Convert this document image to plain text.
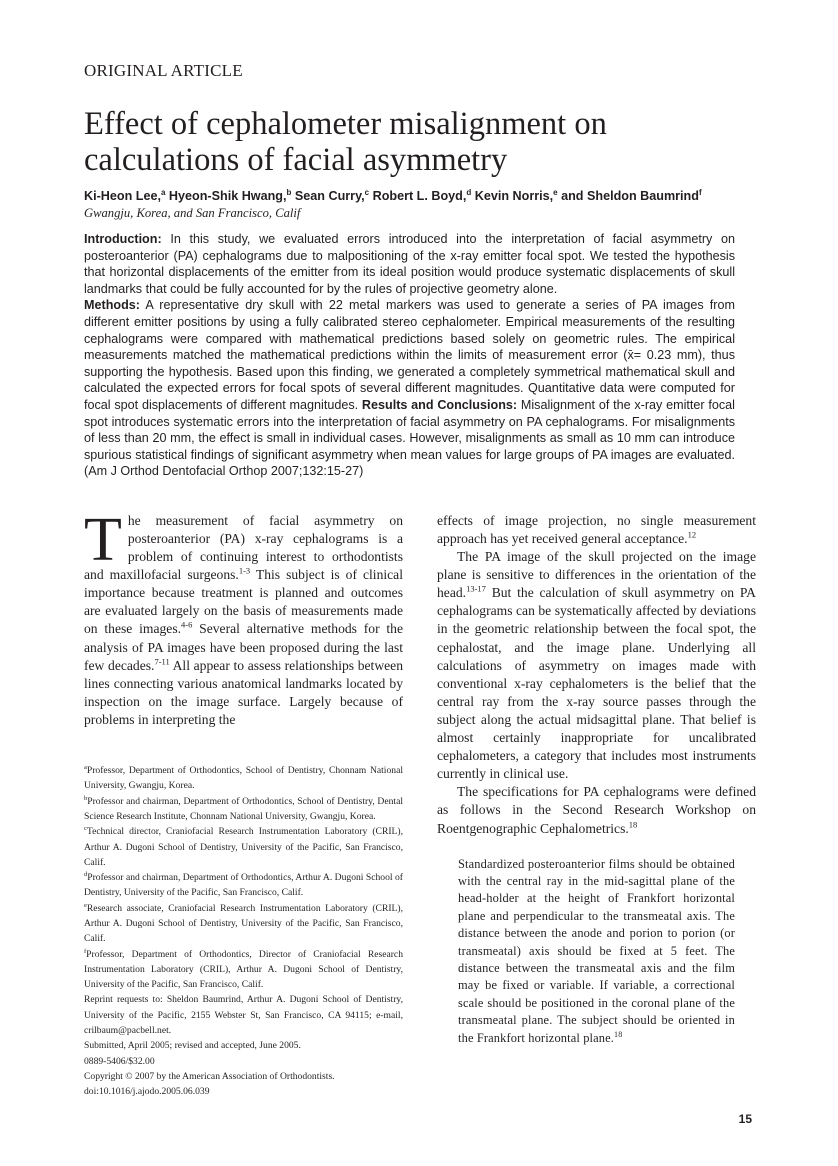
ORIGINAL ARTICLE
Effect of cephalometer misalignment on calculations of facial asymmetry
Ki-Heon Lee,$^a$ Hyeon-Shik Hwang,$^b$ Sean Curry,$^c$ Robert L. Boyd,$^d$ Kevin Norris,$^e$ and Sheldon Baumrind$^f$
Gwangju, Korea, and San Francisco, Calif

Introduction: In this study, we evaluated errors introduced into the interpretation of facial asymmetry on posteroanterior (PA) cephalograms due to malpositioning of the x-ray emitter focal spot. We tested the hypothesis that horizontal displacements of the emitter from its ideal position would produce systematic displacements of skull landmarks that could be fully accounted for by the rules of projective geometry alone.
Methods: A representative dry skull with 22 metal markers was used to generate a series of PA images from different emitter positions by using a fully calibrated stereo cephalometer. Empirical measurements of the resulting cephalograms were compared with mathematical predictions based solely on geometric rules. The empirical measurements matched the mathematical predictions within the limits of measurement error (x̄= 0.23 mm), thus supporting the hypothesis. Based upon this finding, we generated a completely symmetrical mathematical skull and calculated the expected errors for focal spots of several different magnitudes. Quantitative data were computed for focal spot displacements of different magnitudes. Results and Conclusions: Misalignment of the x-ray emitter focal spot introduces systematic errors into the interpretation of facial asymmetry on PA cephalograms. For misalignments of less than 20 mm, the effect is small in individual cases. However, misalignments as small as 10 mm can introduce spurious statistical findings of significant asymmetry when mean values for large groups of PA images are evaluated. (Am J Orthod Dentofacial Orthop 2007;132:15-27)

The measurement of facial asymmetry on posteroanterior (PA) x-ray cephalograms is a problem of continuing interest to orthodontists and maxillofacial surgeons.$^{1-3}$ This subject is of clinical importance because treatment is planned and outcomes are evaluated largely on the basis of measurements made on these images.$^{4-6}$ Several alternative methods for the analysis of PA images have been proposed during the last few decades.$^{7-11}$ All appear to assess relationships between lines connecting various anatomical landmarks located by inspection on the image surface. Largely because of problems in interpreting the

$^a$Professor, Department of Orthodontics, School of Dentistry, Chonnam National University, Gwangju, Korea.

$^b$Professor and chairman, Department of Orthodontics, School of Dentistry, Dental Science Research Institute, Chonnam National University, Gwangju, Korea.

$^c$Technical director, Craniofacial Research Instrumentation Laboratory (CRIL), Arthur A. Dugoni School of Dentistry, University of the Pacific, San Francisco, Calif.

$^d$Professor and chairman, Department of Orthodontics, Arthur A. Dugoni School of Dentistry, University of the Pacific, San Francisco, Calif.

$^e$Research associate, Craniofacial Research Instrumentation Laboratory (CRIL), Arthur A. Dugoni School of Dentistry, University of the Pacific, San Francisco, Calif.

$^f$Professor, Department of Orthodontics, Director of Craniofacial Research Instrumentation Laboratory (CRIL), Arthur A. Dugoni School of Dentistry, University of the Pacific, San Francisco, Calif.

Reprint requests to: Sheldon Baumrind, Arthur A. Dugoni School of Dentistry, University of the Pacific, 2155 Webster St, San Francisco, CA 94115; e-mail, crilbaum@pacbell.net.

Submitted, April 2005; revised and accepted, June 2005.

0889-5406/$32.00

Copyright © 2007 by the American Association of Orthodontists.

doi:10.1016/j.ajodo.2005.06.039

effects of image projection, no single measurement approach has yet received general acceptance.$^{12}$

The PA image of the skull projected on the image plane is sensitive to differences in the orientation of the head.$^{13-17}$ But the calculation of skull asymmetry on PA cephalograms can be systematically affected by deviations in the geometric relationship between the focal spot, the cephalostat, and the image plane. Underlying all calculations of asymmetry on images made with conventional x-ray cephalometers is the belief that the central ray from the x-ray source passes through the subject along the actual midsagittal plane. That belief is almost certainly inappropriate for uncalibrated cephalometers, a category that includes most instruments currently in clinical use.

The specifications for PA cephalograms were defined as follows in the Second Research Workshop on Roentgenographic Cephalometrics.$^{18}$

Standardized posteroanterior films should be obtained with the central ray in the mid-sagittal plane of the head-holder at the height of Frankfort horizontal plane and perpendicular to the transmeatal axis. The distance between the anode and porion to porion (or transmeatal) axis should be fixed at 5 feet. The distance between the transmeatal axis and the film may be fixed or variable. If variable, a correctional scale should be positioned in the coronal plane of the transmeatal plane. The subject should be oriented in the Frankfort horizontal plane.$^{18}$
15
